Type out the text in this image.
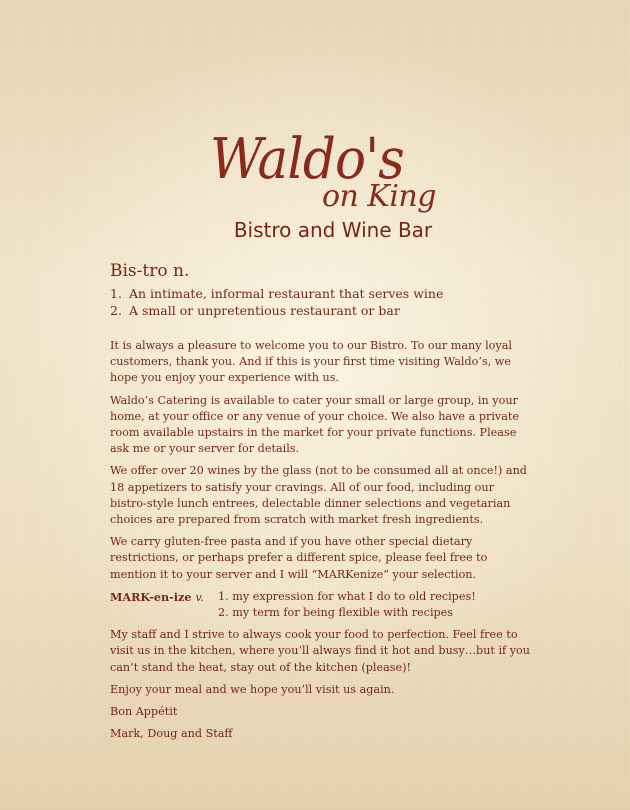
Waldo's
on King
Bistro and Wine Bar
Bis-tro n.
1. An intimate, informal restaurant that serves wine
2. A small or unpretentious restaurant or bar

It is always a pleasure to welcome you to our Bistro. To our many loyal customers, thank you. And if this is your first time visiting Waldo’s, we hope you enjoy your experience with us.

Waldo’s Catering is available to cater your small or large group, in your home, at your office or any venue of your choice. We also have a private room available upstairs in the market for your private functions. Please ask me or your server for details.

We offer over 20 wines by the glass (not to be consumed all at once!) and 18 appetizers to satisfy your cravings. All of our food, including our bistro-style lunch entrees, delectable dinner selections and vegetarian choices are prepared from scratch with market fresh ingredients.

We carry gluten-free pasta and if you have other special dietary restrictions, or perhaps prefer a different spice, please feel free to mention it to your server and I will “MARKenize” your selection.

MARK-en-ize v.	1. my expression for what I do to old recipes!
2. my term for being flexible with recipes

My staff and I strive to always cook your food to perfection. Feel free to visit us in the kitchen, where you’ll always find it hot and busy…but if you can’t stand the heat, stay out of the kitchen (please)!

Enjoy your meal and we hope you’ll visit us again.

Bon Appétit

Mark, Doug and Staff
